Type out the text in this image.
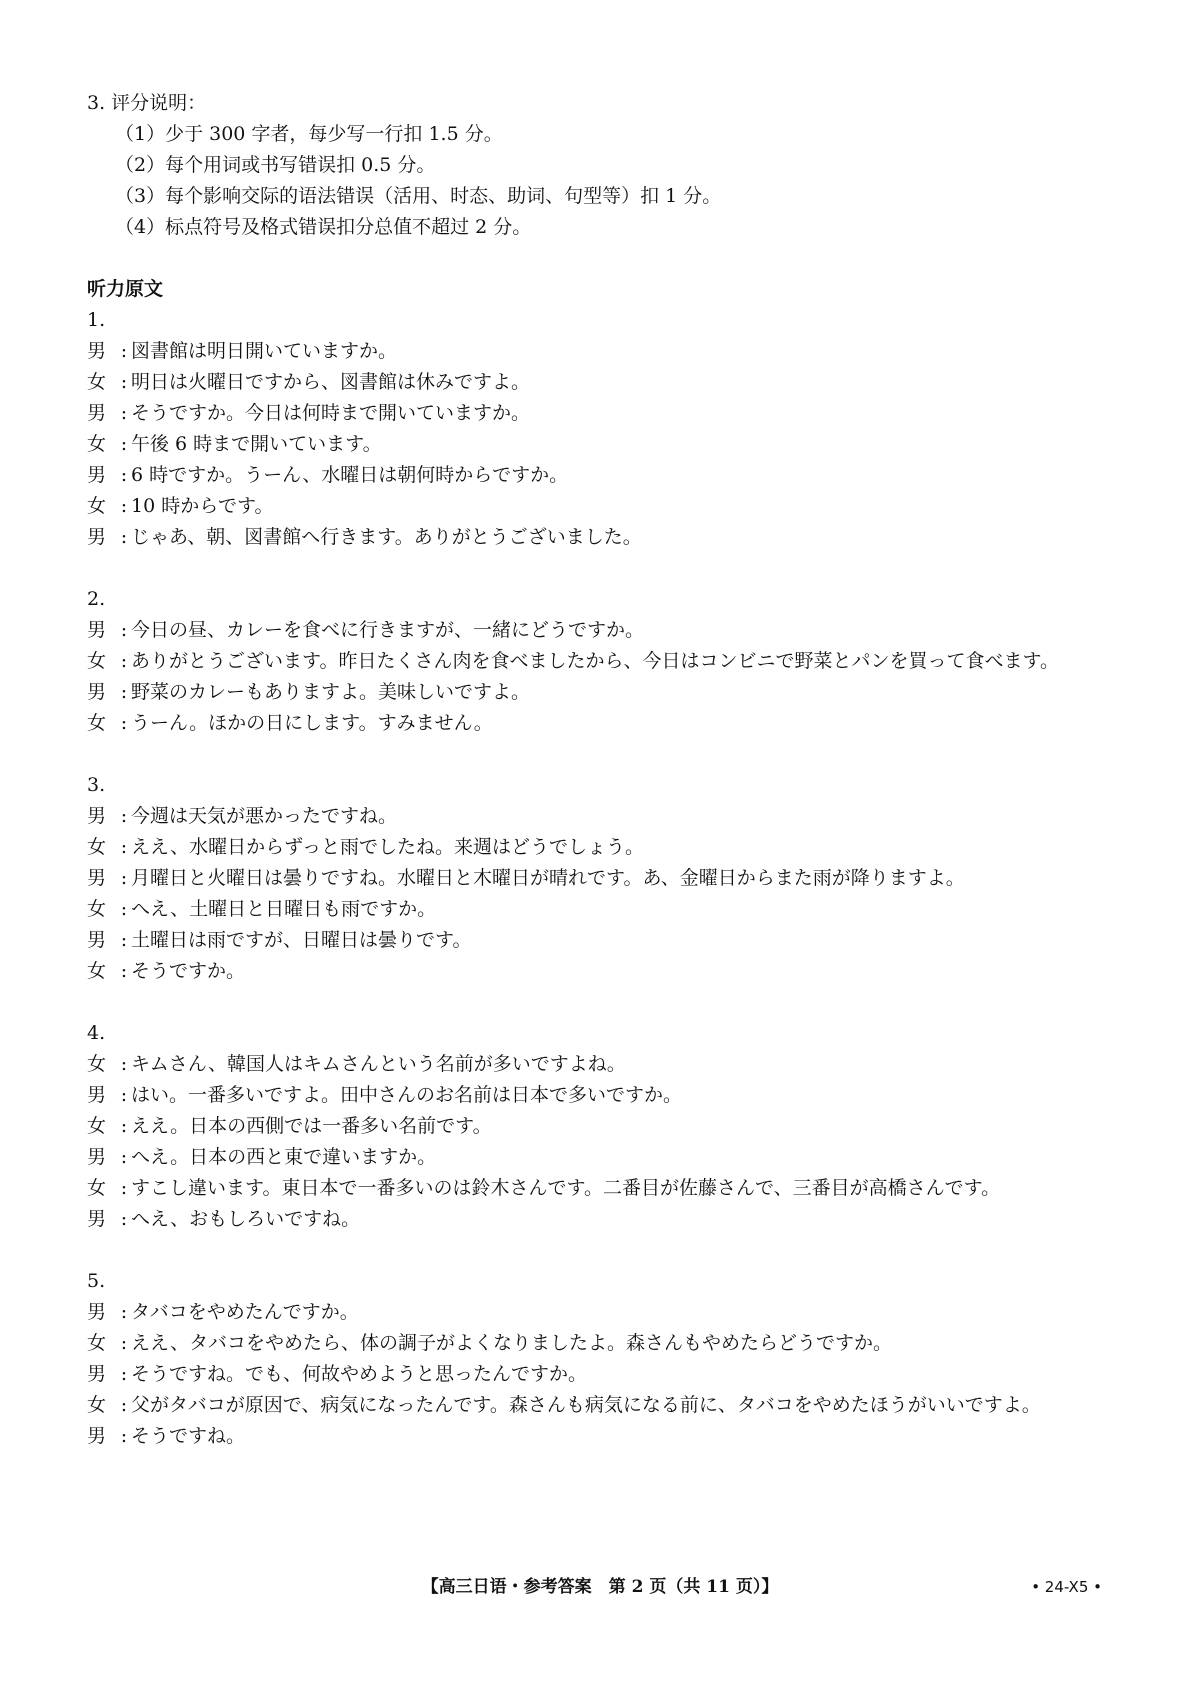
3. 评分说明：
（1）少于 300 字者，每少写一行扣 1.5 分。
（2）每个用词或书写错误扣 0.5 分。
（3）每个影响交际的语法错误（活用、时态、助词、句型等）扣 1 分。
（4）标点符号及格式错误扣分总值不超过 2 分。
听力原文
1.
男 : 図書館は明日開いていますか。
女 : 明日は火曜日ですから、図書館は休みですよ。
男 : そうですか。今日は何時まで開いていますか。
女 : 午後 6 時まで開いています。
男 : 6 時ですか。うーん、水曜日は朝何時からですか。
女 : 10 時からです。
男 : じゃあ、朝、図書館へ行きます。ありがとうございました。
2.
男 : 今日の昼、カレーを食べに行きますが、一緒にどうですか。
女 : ありがとうございます。昨日たくさん肉を食べましたから、今日はコンビニで野菜とパンを買って食べます。
男 : 野菜のカレーもありますよ。美味しいですよ。
女 : うーん。ほかの日にします。すみません。
3.
男 : 今週は天気が悪かったですね。
女 : ええ、水曜日からずっと雨でしたね。来週はどうでしょう。
男 : 月曜日と火曜日は曇りですね。水曜日と木曜日が晴れです。あ、金曜日からまた雨が降りますよ。
女 : へえ、土曜日と日曜日も雨ですか。
男 : 土曜日は雨ですが、日曜日は曇りです。
女 : そうですか。
4.
女 : キムさん、韓国人はキムさんという名前が多いですよね。
男 : はい。一番多いですよ。田中さんのお名前は日本で多いですか。
女 : ええ。日本の西側では一番多い名前です。
男 : へえ。日本の西と東で違いますか。
女 : すこし違います。東日本で一番多いのは鈴木さんです。二番目が佐藤さんで、三番目が高橋さんです。
男 : へえ、おもしろいですね。
5.
男 : タバコをやめたんですか。
女 : ええ、タバコをやめたら、体の調子がよくなりましたよ。森さんもやめたらどうですか。
男 : そうですね。でも、何故やめようと思ったんですか。
女 : 父がタバコが原因で、病気になったんです。森さんも病気になる前に、タバコをやめたほうがいいですよ。
男 : そうですね。
【高三日语・参考答案　第 2 页（共 11 页）】	• 24-X5 •
